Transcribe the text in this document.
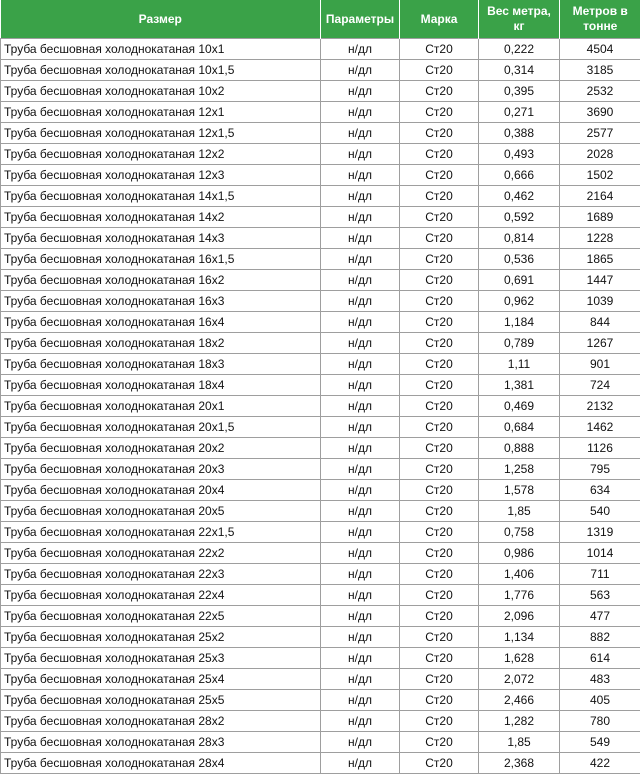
Размер	Параметры	Марка	Вес метра, кг	Метров в тонне
Труба бесшовная холоднокатаная 10х1	н/дл	Ст20	0,222	4504
Труба бесшовная холоднокатаная 10х1,5	н/дл	Ст20	0,314	3185
Труба бесшовная холоднокатаная 10х2	н/дл	Ст20	0,395	2532
Труба бесшовная холоднокатаная 12х1	н/дл	Ст20	0,271	3690
Труба бесшовная холоднокатаная 12х1,5	н/дл	Ст20	0,388	2577
Труба бесшовная холоднокатаная 12х2	н/дл	Ст20	0,493	2028
Труба бесшовная холоднокатаная 12х3	н/дл	Ст20	0,666	1502
Труба бесшовная холоднокатаная 14х1,5	н/дл	Ст20	0,462	2164
Труба бесшовная холоднокатаная 14х2	н/дл	Ст20	0,592	1689
Труба бесшовная холоднокатаная 14х3	н/дл	Ст20	0,814	1228
Труба бесшовная холоднокатаная 16х1,5	н/дл	Ст20	0,536	1865
Труба бесшовная холоднокатаная 16х2	н/дл	Ст20	0,691	1447
Труба бесшовная холоднокатаная 16х3	н/дл	Ст20	0,962	1039
Труба бесшовная холоднокатаная 16х4	н/дл	Ст20	1,184	844
Труба бесшовная холоднокатаная 18х2	н/дл	Ст20	0,789	1267
Труба бесшовная холоднокатаная 18х3	н/дл	Ст20	1,11	901
Труба бесшовная холоднокатаная 18х4	н/дл	Ст20	1,381	724
Труба бесшовная холоднокатаная 20х1	н/дл	Ст20	0,469	2132
Труба бесшовная холоднокатаная 20х1,5	н/дл	Ст20	0,684	1462
Труба бесшовная холоднокатаная 20х2	н/дл	Ст20	0,888	1126
Труба бесшовная холоднокатаная 20х3	н/дл	Ст20	1,258	795
Труба бесшовная холоднокатаная 20х4	н/дл	Ст20	1,578	634
Труба бесшовная холоднокатаная 20х5	н/дл	Ст20	1,85	540
Труба бесшовная холоднокатаная 22х1,5	н/дл	Ст20	0,758	1319
Труба бесшовная холоднокатаная 22х2	н/дл	Ст20	0,986	1014
Труба бесшовная холоднокатаная 22х3	н/дл	Ст20	1,406	711
Труба бесшовная холоднокатаная 22х4	н/дл	Ст20	1,776	563
Труба бесшовная холоднокатаная 22х5	н/дл	Ст20	2,096	477
Труба бесшовная холоднокатаная 25х2	н/дл	Ст20	1,134	882
Труба бесшовная холоднокатаная 25х3	н/дл	Ст20	1,628	614
Труба бесшовная холоднокатаная 25х4	н/дл	Ст20	2,072	483
Труба бесшовная холоднокатаная 25х5	н/дл	Ст20	2,466	405
Труба бесшовная холоднокатаная 28х2	н/дл	Ст20	1,282	780
Труба бесшовная холоднокатаная 28х3	н/дл	Ст20	1,85	549
Труба бесшовная холоднокатаная 28х4	н/дл	Ст20	2,368	422
